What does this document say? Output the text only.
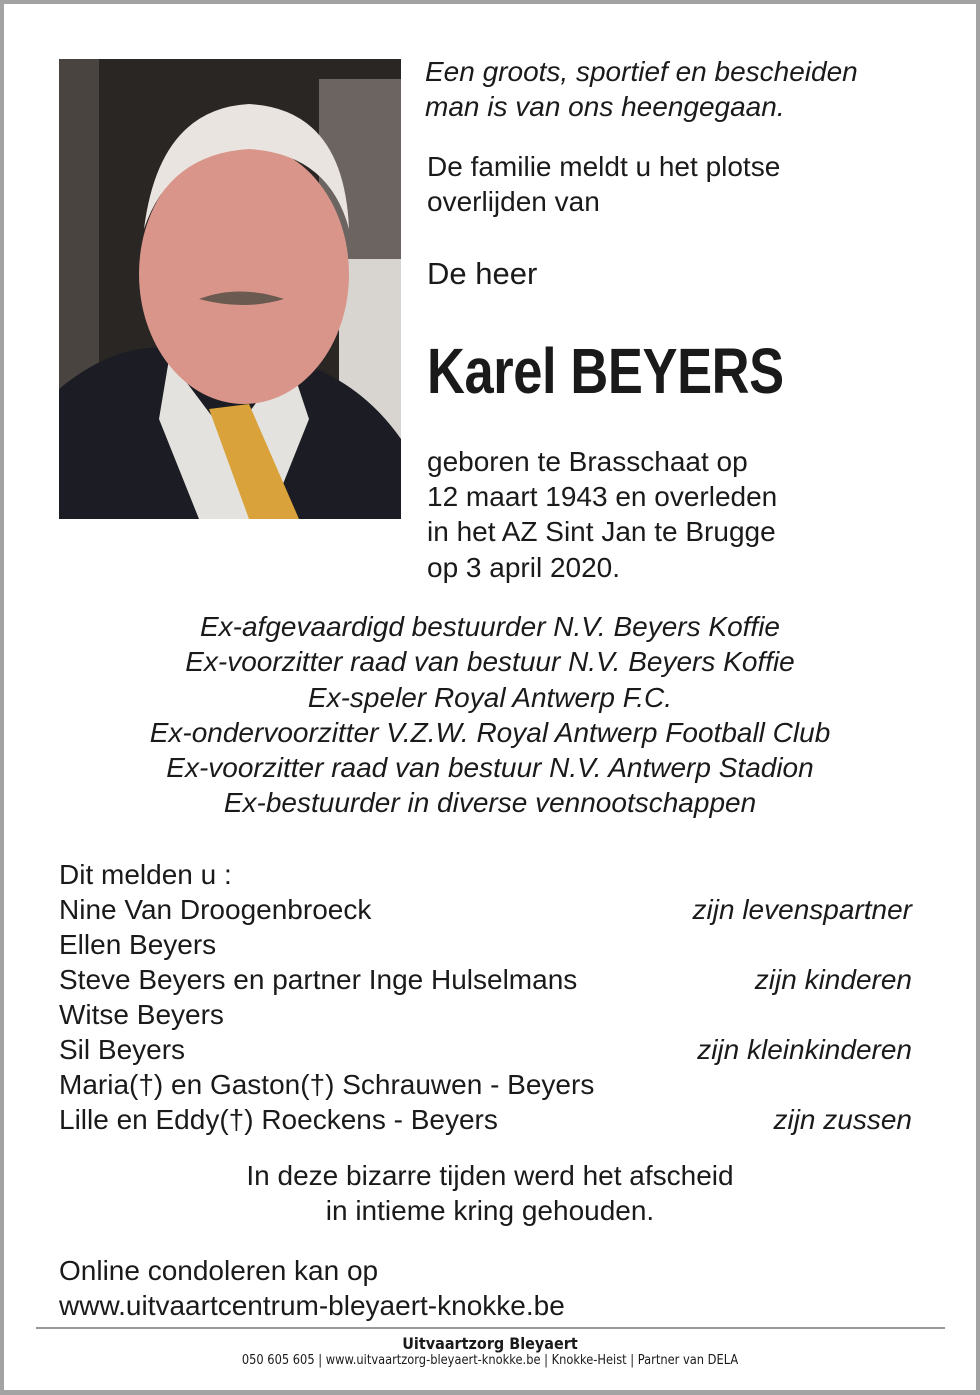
Een groots, sportief en bescheiden
man is van ons heengegaan.
De familie meldt u het plotse
overlijden van
De heer
Karel BEYERS
geboren te Brasschaat op
12 maart 1943 en overleden
in het AZ Sint Jan te Brugge
op 3 april 2020.
Ex-afgevaardigd bestuurder N.V. Beyers Koffie
Ex-voorzitter raad van bestuur N.V. Beyers Koffie
Ex-speler Royal Antwerp F.C.
Ex-ondervoorzitter V.Z.W. Royal Antwerp Football Club
Ex-voorzitter raad van bestuur N.V. Antwerp Stadion
Ex-bestuurder in diverse vennootschappen
Dit melden u :
Nine Van Droogenbroeck	zijn levenspartner
Ellen Beyers
Steve Beyers en partner Inge Hulselmans	zijn kinderen
Witse Beyers
Sil Beyers	zijn kleinkinderen
Maria(†) en Gaston(†) Schrauwen - Beyers
Lille en Eddy(†) Roeckens - Beyers	zijn zussen
In deze bizarre tijden werd het afscheid
in intieme kring gehouden.
Online condoleren kan op
www.uitvaartcentrum-bleyaert-knokke.be
Uitvaartzorg Bleyaert
050 605 605 | www.uitvaartzorg-bleyaert-knokke.be | Knokke-Heist | Partner van DELA
